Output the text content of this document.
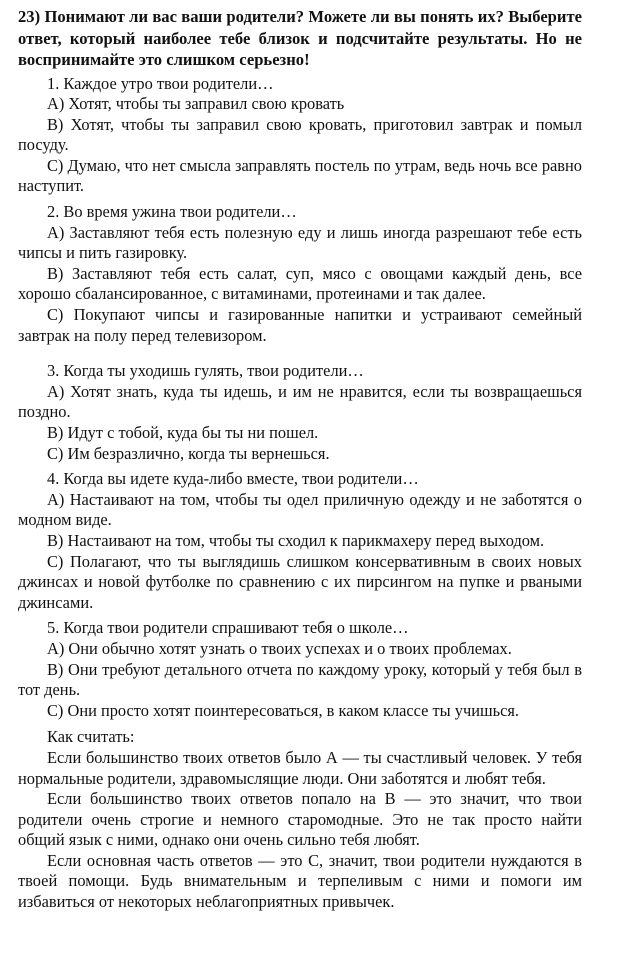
23) Понимают ли вас ваши родители? Можете ли вы понять их? Выберите ответ, который наиболее тебе близок и подсчитайте результаты. Но не воспринимайте это слишком серьезно!

1. Каждое утро твои родители…

А) Хотят, чтобы ты заправил свою кровать

B) Хотят, чтобы ты заправил свою кровать, приготовил завтрак и помыл посуду.

С) Думаю, что нет смысла заправлять постель по утрам, ведь ночь все равно наступит.

2. Во время ужина твои родители…

А) Заставляют тебя есть полезную еду и лишь иногда разрешают тебе есть чипсы и пить газировку.

В) Заставляют тебя есть салат, суп, мясо с овощами каждый день, все хорошо сбалансированное, с витаминами, протеинами и так далее.

С) Покупают чипсы и газированные напитки и устраивают семейный завтрак на полу перед телевизором.

3. Когда ты уходишь гулять, твои родители…

А) Хотят знать, куда ты идешь, и им не нравится, если ты возвращаешься поздно.

В) Идут с тобой, куда бы ты ни пошел.

С) Им безразлично, когда ты вернешься.

4. Когда вы идете куда-либо вместе, твои родители…

А) Настаивают на том, чтобы ты одел приличную одежду и не заботятся о модном виде.

В) Настаивают на том, чтобы ты сходил к парикмахеру перед выходом.

С) Полагают, что ты выглядишь слишком консервативным в своих новых джинсах и новой футболке по сравнению с их пирсингом на пупке и рваными джинсами.

5. Когда твои родители спрашивают тебя о школе…

А) Они обычно хотят узнать о твоих успехах и о твоих проблемах.

В) Они требуют детального отчета по каждому уроку, который у тебя был в тот день.

С) Они просто хотят поинтересоваться, в каком классе ты учишься.

Как считать:

Если большинство твоих ответов было А — ты счастливый человек. У тебя нормальные родители, здравомыслящие люди. Они заботятся и любят тебя.

Если большинство твоих ответов попало на В — это значит, что твои родители очень строгие и немного старомодные. Это не так просто найти общий язык с ними, однако они очень сильно тебя любят.

Если основная часть ответов — это С, значит, твои родители нуждаются в твоей помощи. Будь внимательным и терпеливым с ними и помоги им избавиться от некоторых неблагоприятных привычек.
